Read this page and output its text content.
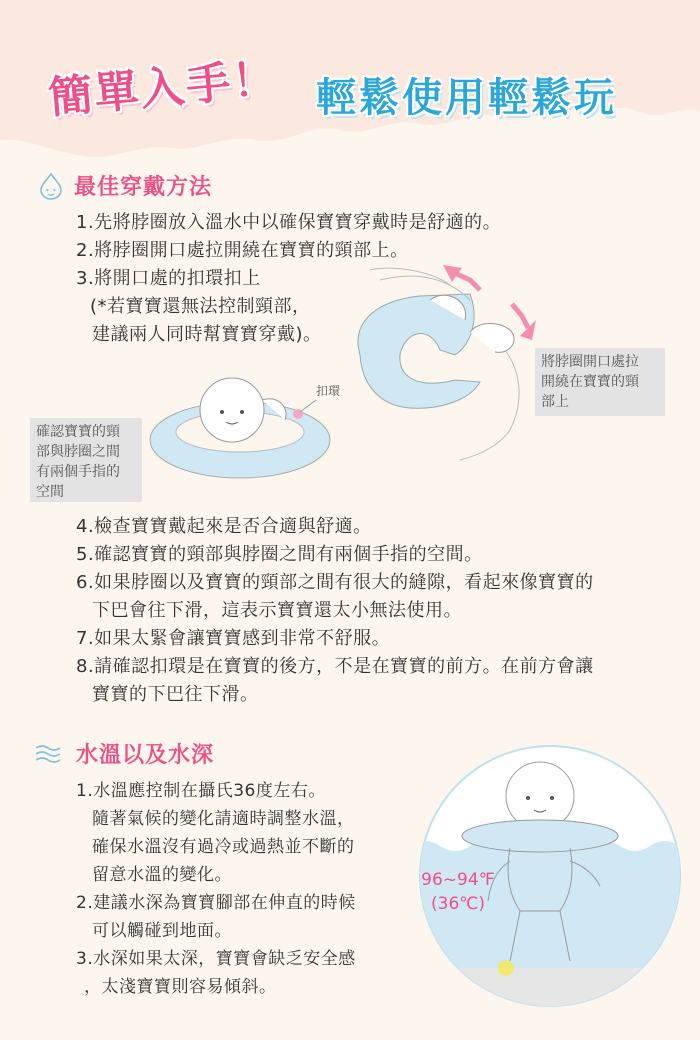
簡單入手！ 輕鬆使用輕鬆玩
最佳穿戴方法
1.先將脖圈放入溫水中以確保寶寶穿戴時是舒適的。
2.將脖圈開口處拉開繞在寶寶的頸部上。
3.將開口處的扣環扣上
(*若寶寶還無法控制頸部，
建議兩人同時幫寶寶穿戴)。
扣環
將脖圈開口處拉
開繞在寶寶的頸
部上
確認寶寶的頸
部與脖圈之間
有兩個手指的
空間
4.檢查寶寶戴起來是否合適與舒適。
5.確認寶寶的頸部與脖圈之間有兩個手指的空間。
6.如果脖圈以及寶寶的頸部之間有很大的縫隙，看起來像寶寶的
下巴會往下滑，這表示寶寶還太小無法使用。
7.如果太緊會讓寶寶感到非常不舒服。
8.請確認扣環是在寶寶的後方，不是在寶寶的前方。在前方會讓
寶寶的下巴往下滑。
水溫以及水深
1.水溫應控制在攝氏36度左右。
隨著氣候的變化請適時調整水溫，
確保水溫沒有過冷或過熱並不斷的
留意水溫的變化。
2.建議水深為寶寶腳部在伸直的時候
可以觸碰到地面。
3.水深如果太深，寶寶會缺乏安全感
，太淺寶寶則容易傾斜。
96~94℉
(36℃)
